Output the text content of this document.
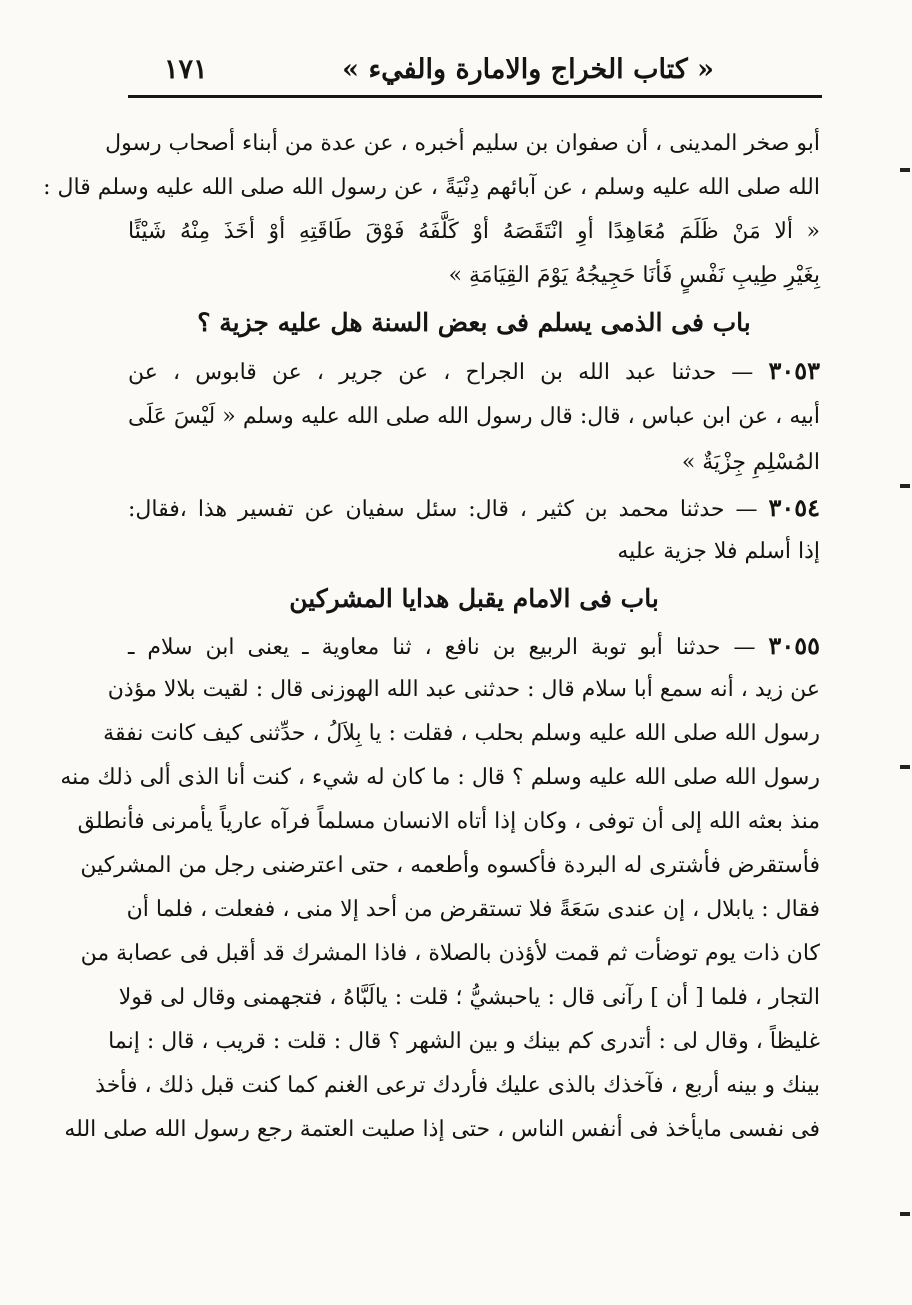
« كتاب الخراج والامارة والفيء »
١٧١
أبو صخر المدينى ، أن صفوان بن سليم أخبره ، عن عدة من أبناء أصحاب رسول
الله صلى الله عليه وسلم ، عن آبائهم دِنْيَةً ، عن رسول الله صلى الله عليه وسلم قال :
« ألا مَنْ ظَلَمَ مُعَاهِدًا أوِ انْتَقَصَهُ أوْ كَلَّفَهُ فَوْقَ طَاقَتِهِ أوْ أخَذَ مِنْهُ شَيْئًا
بِغَيْرِ طِيبِ نَفْسٍ فَأنَا حَجِيجُهُ يَوْمَ القِيَامَةِ »
باب فى الذمى يسلم فى بعض السنة هل عليه جزية ؟
٣٠٥٣ — حدثنا عبد الله بن الجراح ، عن جرير ، عن قابوس ، عن
أبيه ، عن ابن عباس ، قال: قال رسول الله صلى الله عليه وسلم « لَيْسَ عَلَى
المُسْلِمِ جِزْيَةٌ »
٣٠٥٤ — حدثنا محمد بن كثير ، قال: سئل سفيان عن تفسير هذا ،فقال:
إذا أسلم فلا جزية عليه
باب فى الامام يقبل هدايا المشركين
٣٠٥٥ — حدثنا أبو توبة الربيع بن نافع ، ثنا معاوية ـ يعنى ابن سلام ـ
عن زيد ، أنه سمع أبا سلام قال : حدثنى عبد الله الهوزنى قال : لقيت بلالا مؤذن
رسول الله صلى الله عليه وسلم بحلب ، فقلت : يا بِلاَلُ ، حدِّثنى كيف كانت نفقة
رسول الله صلى الله عليه وسلم ؟ قال : ما كان له شيء ، كنت أنا الذى ألى ذلك منه
منذ بعثه الله إلى أن توفى ، وكان إذا أتاه الانسان مسلماً فرآه عارياً يأمرنى فأنطلق
فأستقرض فأشترى له البردة فأكسوه وأطعمه ، حتى اعترضنى رجل من المشركين
فقال : يابلال ، إن عندى سَعَةً فلا تستقرض من أحد إلا منى ، ففعلت ، فلما أن
كان ذات يوم توضأت ثم قمت لأؤذن بالصلاة ، فاذا المشرك قد أقبل فى عصابة من
التجار ، فلما [ أن ] رآنى قال : ياحبشيُّ ؛ قلت : يالَبَّاهُ ، فتجهمنى وقال لى قولا
غليظاً ، وقال لى : أتدرى كم بينك و بين الشهر ؟ قال : قلت : قريب ، قال : إنما
بينك و بينه أربع ، فآخذك بالذى عليك فأردك ترعى الغنم كما كنت قبل ذلك ، فأخذ
فى نفسى مايأخذ فى أنفس الناس ، حتى إذا صليت العتمة رجع رسول الله صلى الله
